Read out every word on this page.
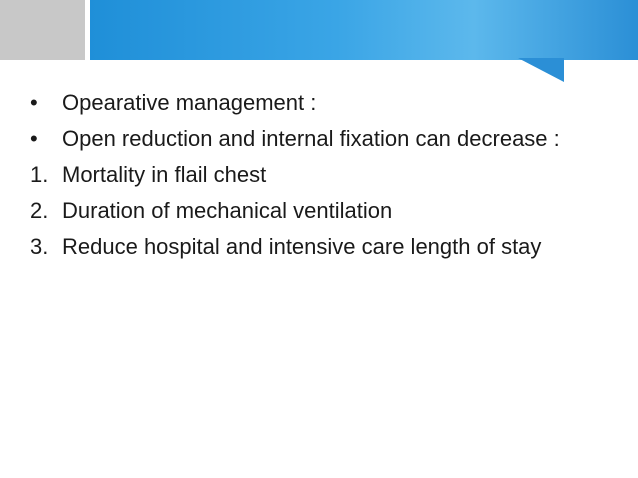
•	Opearative management :
•	Open reduction and internal fixation can decrease :
1. Mortality in flail chest
2. Duration of mechanical ventilation
3. Reduce hospital and intensive care length of stay
